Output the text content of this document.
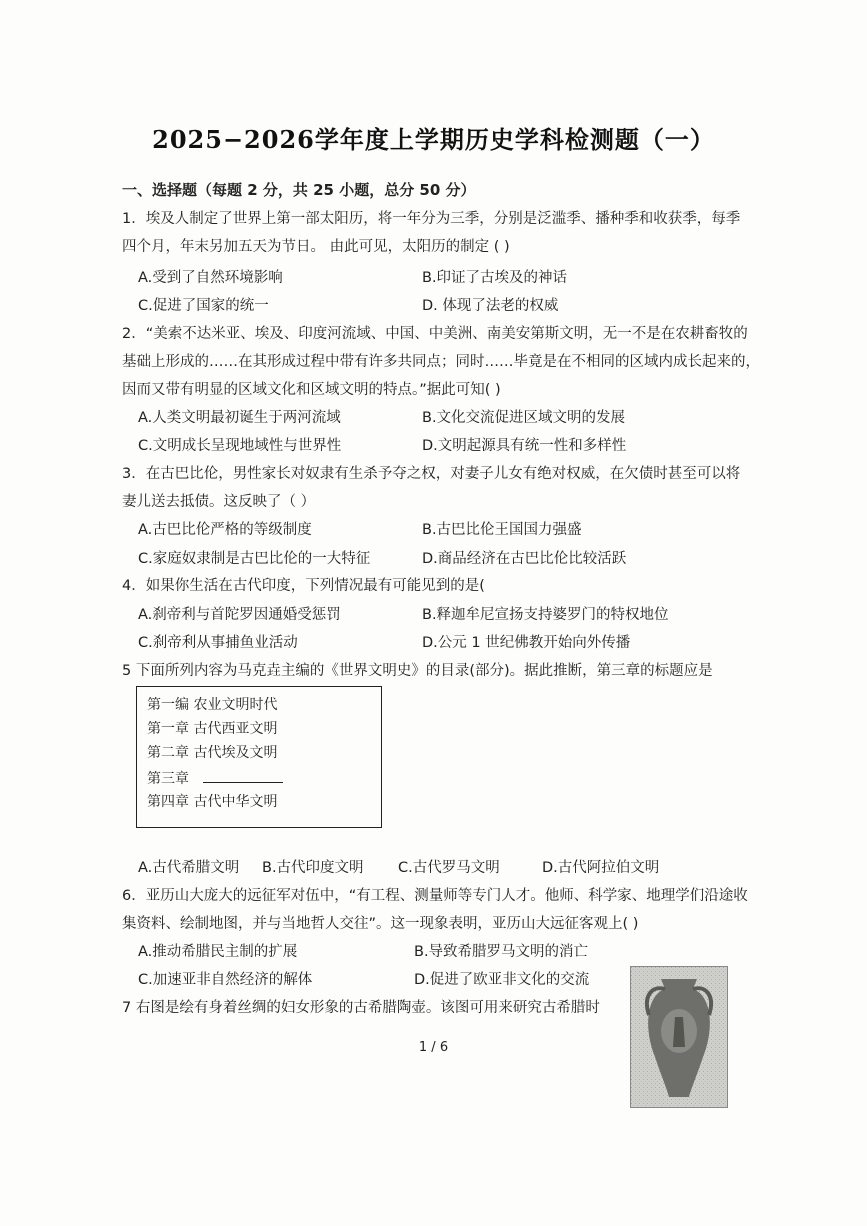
2025−2026学年度上学期历史学科检测题（一）
一、选择题（每题 2 分，共 25 小题，总分 50 分）
1．埃及人制定了世界上第一部太阳历，将一年分为三季，分别是泛滥季、播种季和收获季，每季
四个月，年末另加五天为节日。 由此可见，太阳历的制定 ( )
A.受到了自然环境影响	B.印证了古埃及的神话
C.促进了国家的统一	D. 体现了法老的权威
2．“美索不达米亚、埃及、印度河流域、中国、中美洲、南美安第斯文明，无一不是在农耕畜牧的
基础上形成的……在其形成过程中带有许多共同点；同时……毕竟是在不相同的区域内成长起来的，
因而又带有明显的区域文化和区域文明的特点。”据此可知( )
A.人类文明最初诞生于两河流域	B.文化交流促进区域文明的发展
C.文明成长呈现地域性与世界性	D.文明起源具有统一性和多样性
3．在古巴比伦，男性家长对奴隶有生杀予夺之权，对妻子儿女有绝对权威，在欠债时甚至可以将
妻儿送去抵债。这反映了（ ）
A.古巴比伦严格的等级制度	B.古巴比伦王国国力强盛
C.家庭奴隶制是古巴比伦的一大特征	D.商品经济在古巴比伦比较活跃
4．如果你生活在古代印度，下列情况最有可能见到的是(
A.刹帝利与首陀罗因通婚受惩罚	B.释迦牟尼宣扬支持婆罗门的特权地位
C.刹帝利从事捕鱼业活动	D.公元 1 世纪佛教开始向外传播
5 下面所列内容为马克垚主编的《世界文明史》的目录(部分)。据此推断，第三章的标题应是
第一编 农业文明时代
第一章 古代西亚文明
第二章 古代埃及文明
第三章
第四章 古代中华文明
A.古代希腊文明 B.古代印度文明 C.古代罗马文明	D.古代阿拉伯文明
6．亚历山大庞大的远征军对伍中，“有工程、测量师等专门人才。他师、科学家、地理学们沿途收
集资料、绘制地图，并与当地哲人交往”。这一现象表明，亚历山大远征客观上( )
A.推动希腊民主制的扩展	B.导致希腊罗马文明的消亡
C.加速亚非自然经济的解体	D.促进了欧亚非文化的交流
7 右图是绘有身着丝绸的妇女形象的古希腊陶壶。该图可用来研究古希腊时
1 / 6
